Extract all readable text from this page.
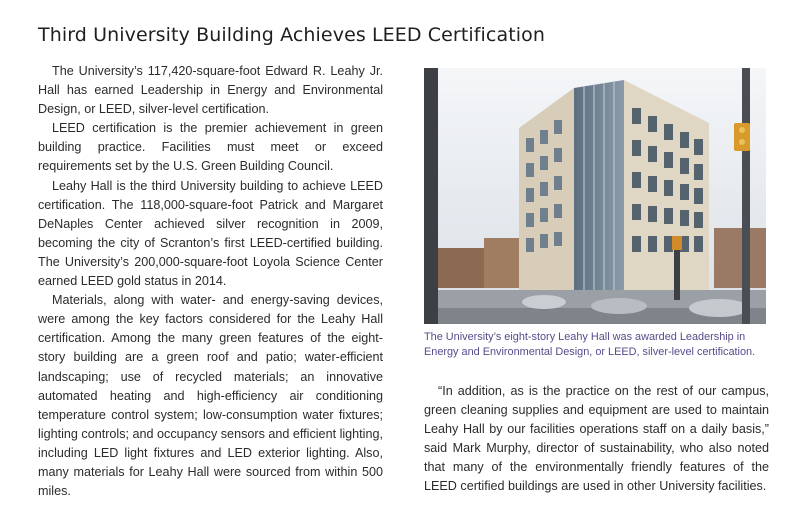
Third University Building Achieves LEED Certification

The University’s 117,420-square-foot Edward R. Leahy Jr. Hall has earned Leadership in Energy and Environmental Design, or LEED, silver-level certification.

LEED certification is the premier achievement in green building practice. Facilities must meet or exceed requirements set by the U.S. Green Building Council.

Leahy Hall is the third University building to achieve LEED certification. The 118,000-square-foot Patrick and Margaret DeNaples Center achieved silver recognition in 2009, becoming the city of Scranton’s first LEED-certified building. The University’s 200,000-square-foot Loyola Science Center earned LEED gold status in 2014.

Materials, along with water- and energy-saving devices, were among the key factors considered for the Leahy Hall certification. Among the many green features of the eight-story building are a green roof and patio; water-efficient landscaping; use of recycled materials; an innovative automated heating and high-efficiency air conditioning temperature control system; low-consumption water fixtures; lighting controls; and occupancy sensors and efficient lighting, including LED light fixtures and LED exterior lighting. Also, many materials for Leahy Hall were sourced from within 500 miles.

The University’s eight-story Leahy Hall was awarded Leadership in Energy and Environmental Design, or LEED, silver-level certification.

“In addition, as is the practice on the rest of our campus, green cleaning supplies and equipment are used to maintain Leahy Hall by our facilities operations staff on a daily basis,” said Mark Murphy, director of sustainability, who also noted that many of the environmentally friendly features of the LEED certified buildings are used in other University facilities.
